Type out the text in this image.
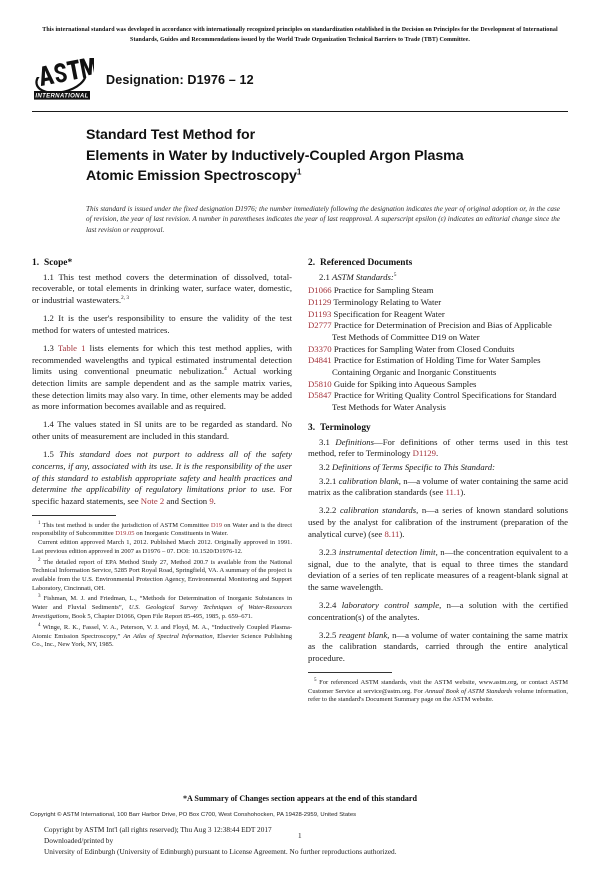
This international standard was developed in accordance with internationally recognized principles on standardization established in the Decision on Principles for the Development of International Standards, Guides and Recommendations issued by the World Trade Organization Technical Barriers to Trade (TBT) Committee.
INTERNATIONAL
Designation: D1976 – 12
Standard Test Method for
Elements in Water by Inductively-Coupled Argon Plasma
Atomic Emission Spectroscopy$^1$
This standard is issued under the fixed designation D1976; the number immediately following the designation indicates the year of original adoption or, in the case of revision, the year of last revision. A number in parentheses indicates the year of last reapproval. A superscript epsilon (ε) indicates an editorial change since the last revision or reapproval.
1. Scope*

1.1 This test method covers the determination of dissolved, total-recoverable, or total elements in drinking water, surface water, domestic, or industrial wastewaters.$^{2, 3}$

1.2 It is the user's responsibility to ensure the validity of the test method for waters of untested matrices.

1.3 Table 1 lists elements for which this test method applies, with recommended wavelengths and typical estimated instrumental detection limits using conventional pneumatic nebulization.$^4$ Actual working detection limits are sample dependent and as the sample matrix varies, these detection limits may also vary. In time, other elements may be added as more information becomes available and as required.

1.4 The values stated in SI units are to be regarded as standard. No other units of measurement are included in this standard.

1.5 This standard does not purport to address all of the safety concerns, if any, associated with its use. It is the responsibility of the user of this standard to establish appropriate safety and health practices and determine the applicability of regulatory limitations prior to use. For specific hazard statements, see Note 2 and Section 9.

$^1$ This test method is under the jurisdiction of ASTM Committee D19 on Water and is the direct responsibility of Subcommittee D19.05 on Inorganic Constituents in Water.

Current edition approved March 1, 2012. Published March 2012. Originally approved in 1991. Last previous edition approved in 2007 as D1976 – 07. DOI: 10.1520/D1976-12.

$^2$ The detailed report of EPA Method Study 27, Method 200.7 is available from the National Technical Information Service, 5285 Port Royal Road, Springfield, VA. A summary of the project is available from the U.S. Environmental Protection Agency, Environmental Monitoring and Support Laboratory, Cincinnati, OH.

$^3$ Fishman, M. J. and Friedman, L., “Methods for Determination of Inorganic Substances in Water and Fluvial Sediments”, U.S. Geological Survey Techniques of Water-Resources Investigations, Book 5, Chapter D1066, Open File Report 85-495, 1985, p. 659–671.

$^4$ Winge, R. K., Fassel, V. A., Peterson, V. J. and Floyd, M. A., “Inductively Coupled Plasma-Atomic Emission Spectroscopy,” An Atlas of Spectral Information, Elsevier Science Publishing Co., Inc., New York, NY, 1985.

2. Referenced Documents

2.1 ASTM Standards:$^5$

D1066 Practice for Sampling Steam
D1129 Terminology Relating to Water
D1193 Specification for Reagent Water
D2777 Practice for Determination of Precision and Bias of Applicable Test Methods of Committee D19 on Water
D3370 Practices for Sampling Water from Closed Conduits
D4841 Practice for Estimation of Holding Time for Water Samples Containing Organic and Inorganic Constituents
D5810 Guide for Spiking into Aqueous Samples
D5847 Practice for Writing Quality Control Specifications for Standard Test Methods for Water Analysis
3. Terminology

3.1 Definitions—For definitions of other terms used in this test method, refer to Terminology D1129.

3.2 Definitions of Terms Specific to This Standard:

3.2.1 calibration blank, n—a volume of water containing the same acid matrix as the calibration standards (see 11.1).

3.2.2 calibration standards, n—a series of known standard solutions used by the analyst for calibration of the instrument (preparation of the analytical curve) (see 8.11).

3.2.3 instrumental detection limit, n—the concentration equivalent to a signal, due to the analyte, that is equal to three times the standard deviation of a series of ten replicate measures of a reagent-blank signal at the same wavelength.

3.2.4 laboratory control sample, n—a solution with the certified concentration(s) of the analytes.

3.2.5 reagent blank, n—a volume of water containing the same matrix as the calibration standards, carried through the entire analytical procedure.

$^5$ For referenced ASTM standards, visit the ASTM website, www.astm.org, or contact ASTM Customer Service at service@astm.org. For Annual Book of ASTM Standards volume information, refer to the standard's Document Summary page on the ASTM website.

*A Summary of Changes section appears at the end of this standard
Copyright © ASTM International, 100 Barr Harbor Drive, PO Box C700, West Conshohocken, PA 19428-2959, United States
Copyright by ASTM Int'l (all rights reserved); Thu Aug 3 12:38:44 EDT 2017
Downloaded/printed by
University of Edinburgh (University of Edinburgh) pursuant to License Agreement. No further reproductions authorized.
1
